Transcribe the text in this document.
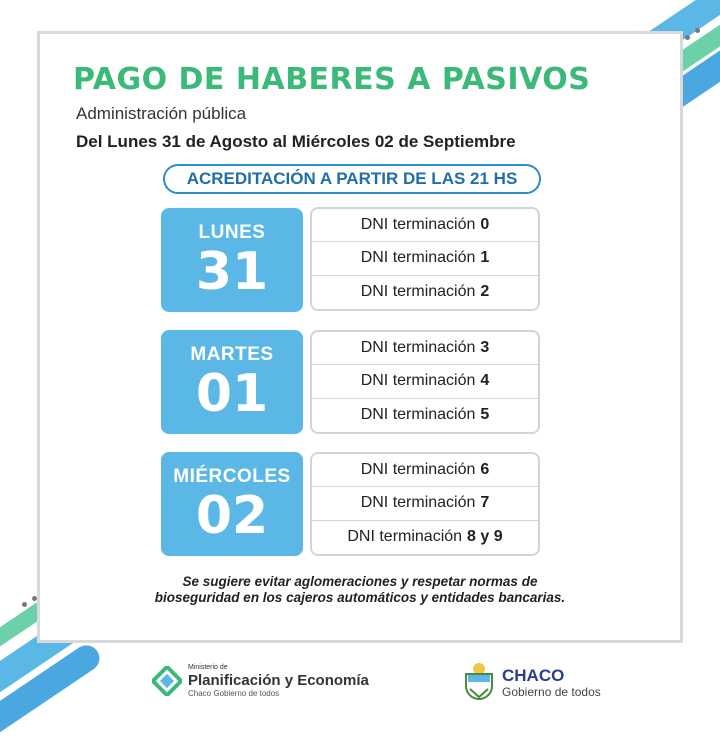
PAGO DE HABERES A PASIVOS
Administración pública
Del Lunes 31 de Agosto al Miércoles 02 de Septiembre
ACREDITACIÓN A PARTIR DE LAS 21 HS
LUNES
31
DNI terminación 0
DNI terminación 1
DNI terminación 2
MARTES
01
DNI terminación 3
DNI terminación 4
DNI terminación 5
MIÉRCOLES
02
DNI terminación 6
DNI terminación 7
DNI terminación 8 y 9
Se sugiere evitar aglomeraciones y respetar normas de bioseguridad en los cajeros automáticos y entidades bancarias.
Ministerio de
Planificación y Economía
Chaco Gobierno de todos
CHACO
Gobierno de todos
